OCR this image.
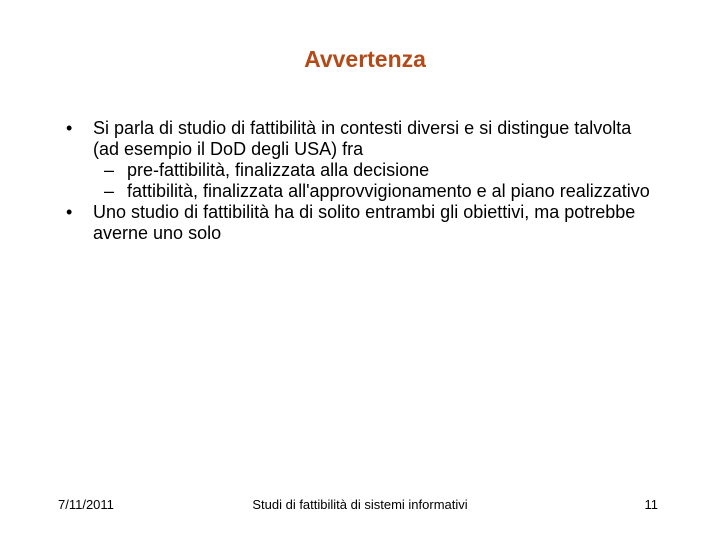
Avvertenza
• Si parla di studio di fattibilità in contesti diversi e si distingue talvolta (ad esempio il DoD degli USA) fra
– pre-fattibilità, finalizzata alla decisione
– fattibilità, finalizzata all'approvvigionamento e al piano realizzativo
• Uno studio di fattibilità ha di solito entrambi gli obiettivi, ma potrebbe averne uno solo
7/11/2011	Studi di fattibilità di sistemi informativi	11
